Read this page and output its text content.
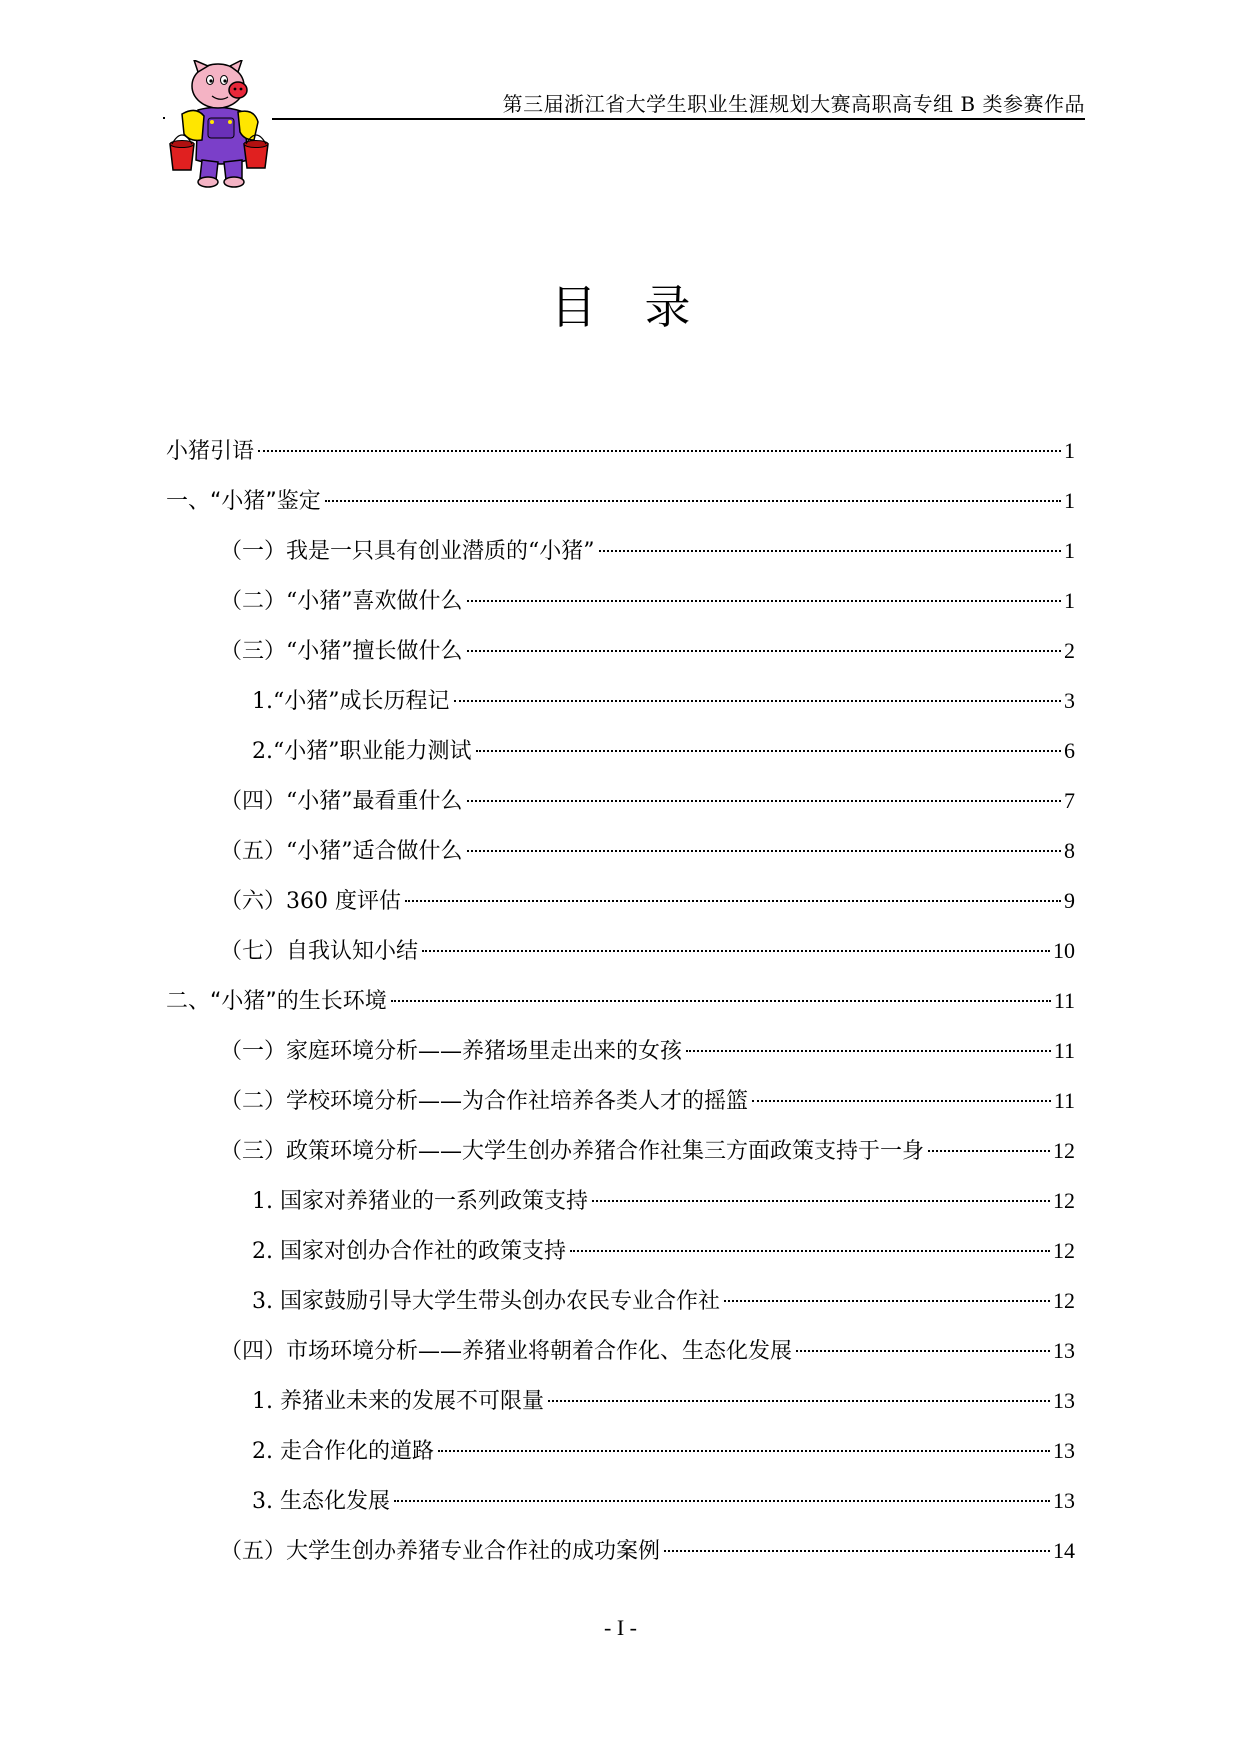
第三届浙江省大学生职业生涯规划大赛高职高专组 B 类参赛作品
目录
小猪引语	1
一、“小猪”鉴定	1
（一）我是一只具有创业潜质的“小猪”	1
（二）“小猪”喜欢做什么	1
（三）“小猪”擅长做什么	2
1.“小猪”成长历程记	3
2.“小猪”职业能力测试	6
（四）“小猪”最看重什么	7
（五）“小猪”适合做什么	8
（六）360 度评估	9
（七）自我认知小结	10
二、“小猪”的生长环境	11
（一）家庭环境分析——养猪场里走出来的女孩	11
（二）学校环境分析——为合作社培养各类人才的摇篮	11
（三）政策环境分析——大学生创办养猪合作社集三方面政策支持于一身	12
1. 国家对养猪业的一系列政策支持	12
2. 国家对创办合作社的政策支持	12
3. 国家鼓励引导大学生带头创办农民专业合作社	12
（四）市场环境分析——养猪业将朝着合作化、生态化发展	13
1. 养猪业未来的发展不可限量	13
2. 走合作化的道路	13
3. 生态化发展	13
（五）大学生创办养猪专业合作社的成功案例	14
- I -
